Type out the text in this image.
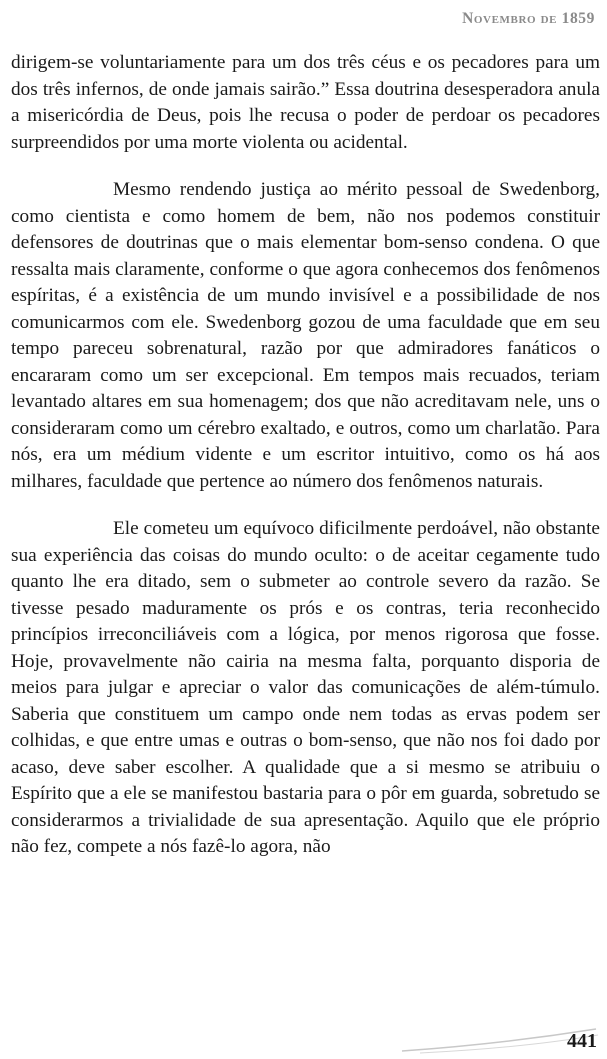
Novembro de 1859

dirigem-se voluntariamente para um dos três céus e os pecadores para um dos três infernos, de onde jamais sairão.” Essa doutrina desesperadora anula a misericórdia de Deus, pois lhe recusa o poder de perdoar os pecadores surpreendidos por uma morte violenta ou acidental.

Mesmo rendendo justiça ao mérito pessoal de Swedenborg, como cientista e como homem de bem, não nos podemos constituir defensores de doutrinas que o mais elementar bom-senso condena. O que ressalta mais claramente, conforme o que agora conhecemos dos fenômenos espíritas, é a existência de um mundo invisível e a possibilidade de nos comunicarmos com ele. Swedenborg gozou de uma faculdade que em seu tempo pareceu sobrenatural, razão por que admiradores fanáticos o encararam como um ser excepcional. Em tempos mais recuados, teriam levantado altares em sua homenagem; dos que não acreditavam nele, uns o consideraram como um cérebro exaltado, e outros, como um charlatão. Para nós, era um médium vidente e um escritor intuitivo, como os há aos milhares, faculdade que pertence ao número dos fenômenos naturais.

Ele cometeu um equívoco dificilmente perdoável, não obstante sua experiência das coisas do mundo oculto: o de aceitar cegamente tudo quanto lhe era ditado, sem o submeter ao controle severo da razão. Se tivesse pesado maduramente os prós e os contras, teria reconhecido princípios irreconciliáveis com a lógica, por menos rigorosa que fosse. Hoje, provavelmente não cairia na mesma falta, porquanto disporia de meios para julgar e apreciar o valor das comunicações de além-túmulo. Saberia que constituem um campo onde nem todas as ervas podem ser colhidas, e que entre umas e outras o bom-senso, que não nos foi dado por acaso, deve saber escolher. A qualidade que a si mesmo se atribuiu o Espírito que a ele se manifestou bastaria para o pôr em guarda, sobretudo se considerarmos a trivialidade de sua apresentação. Aquilo que ele próprio não fez, compete a nós fazê-lo agora, não

441
